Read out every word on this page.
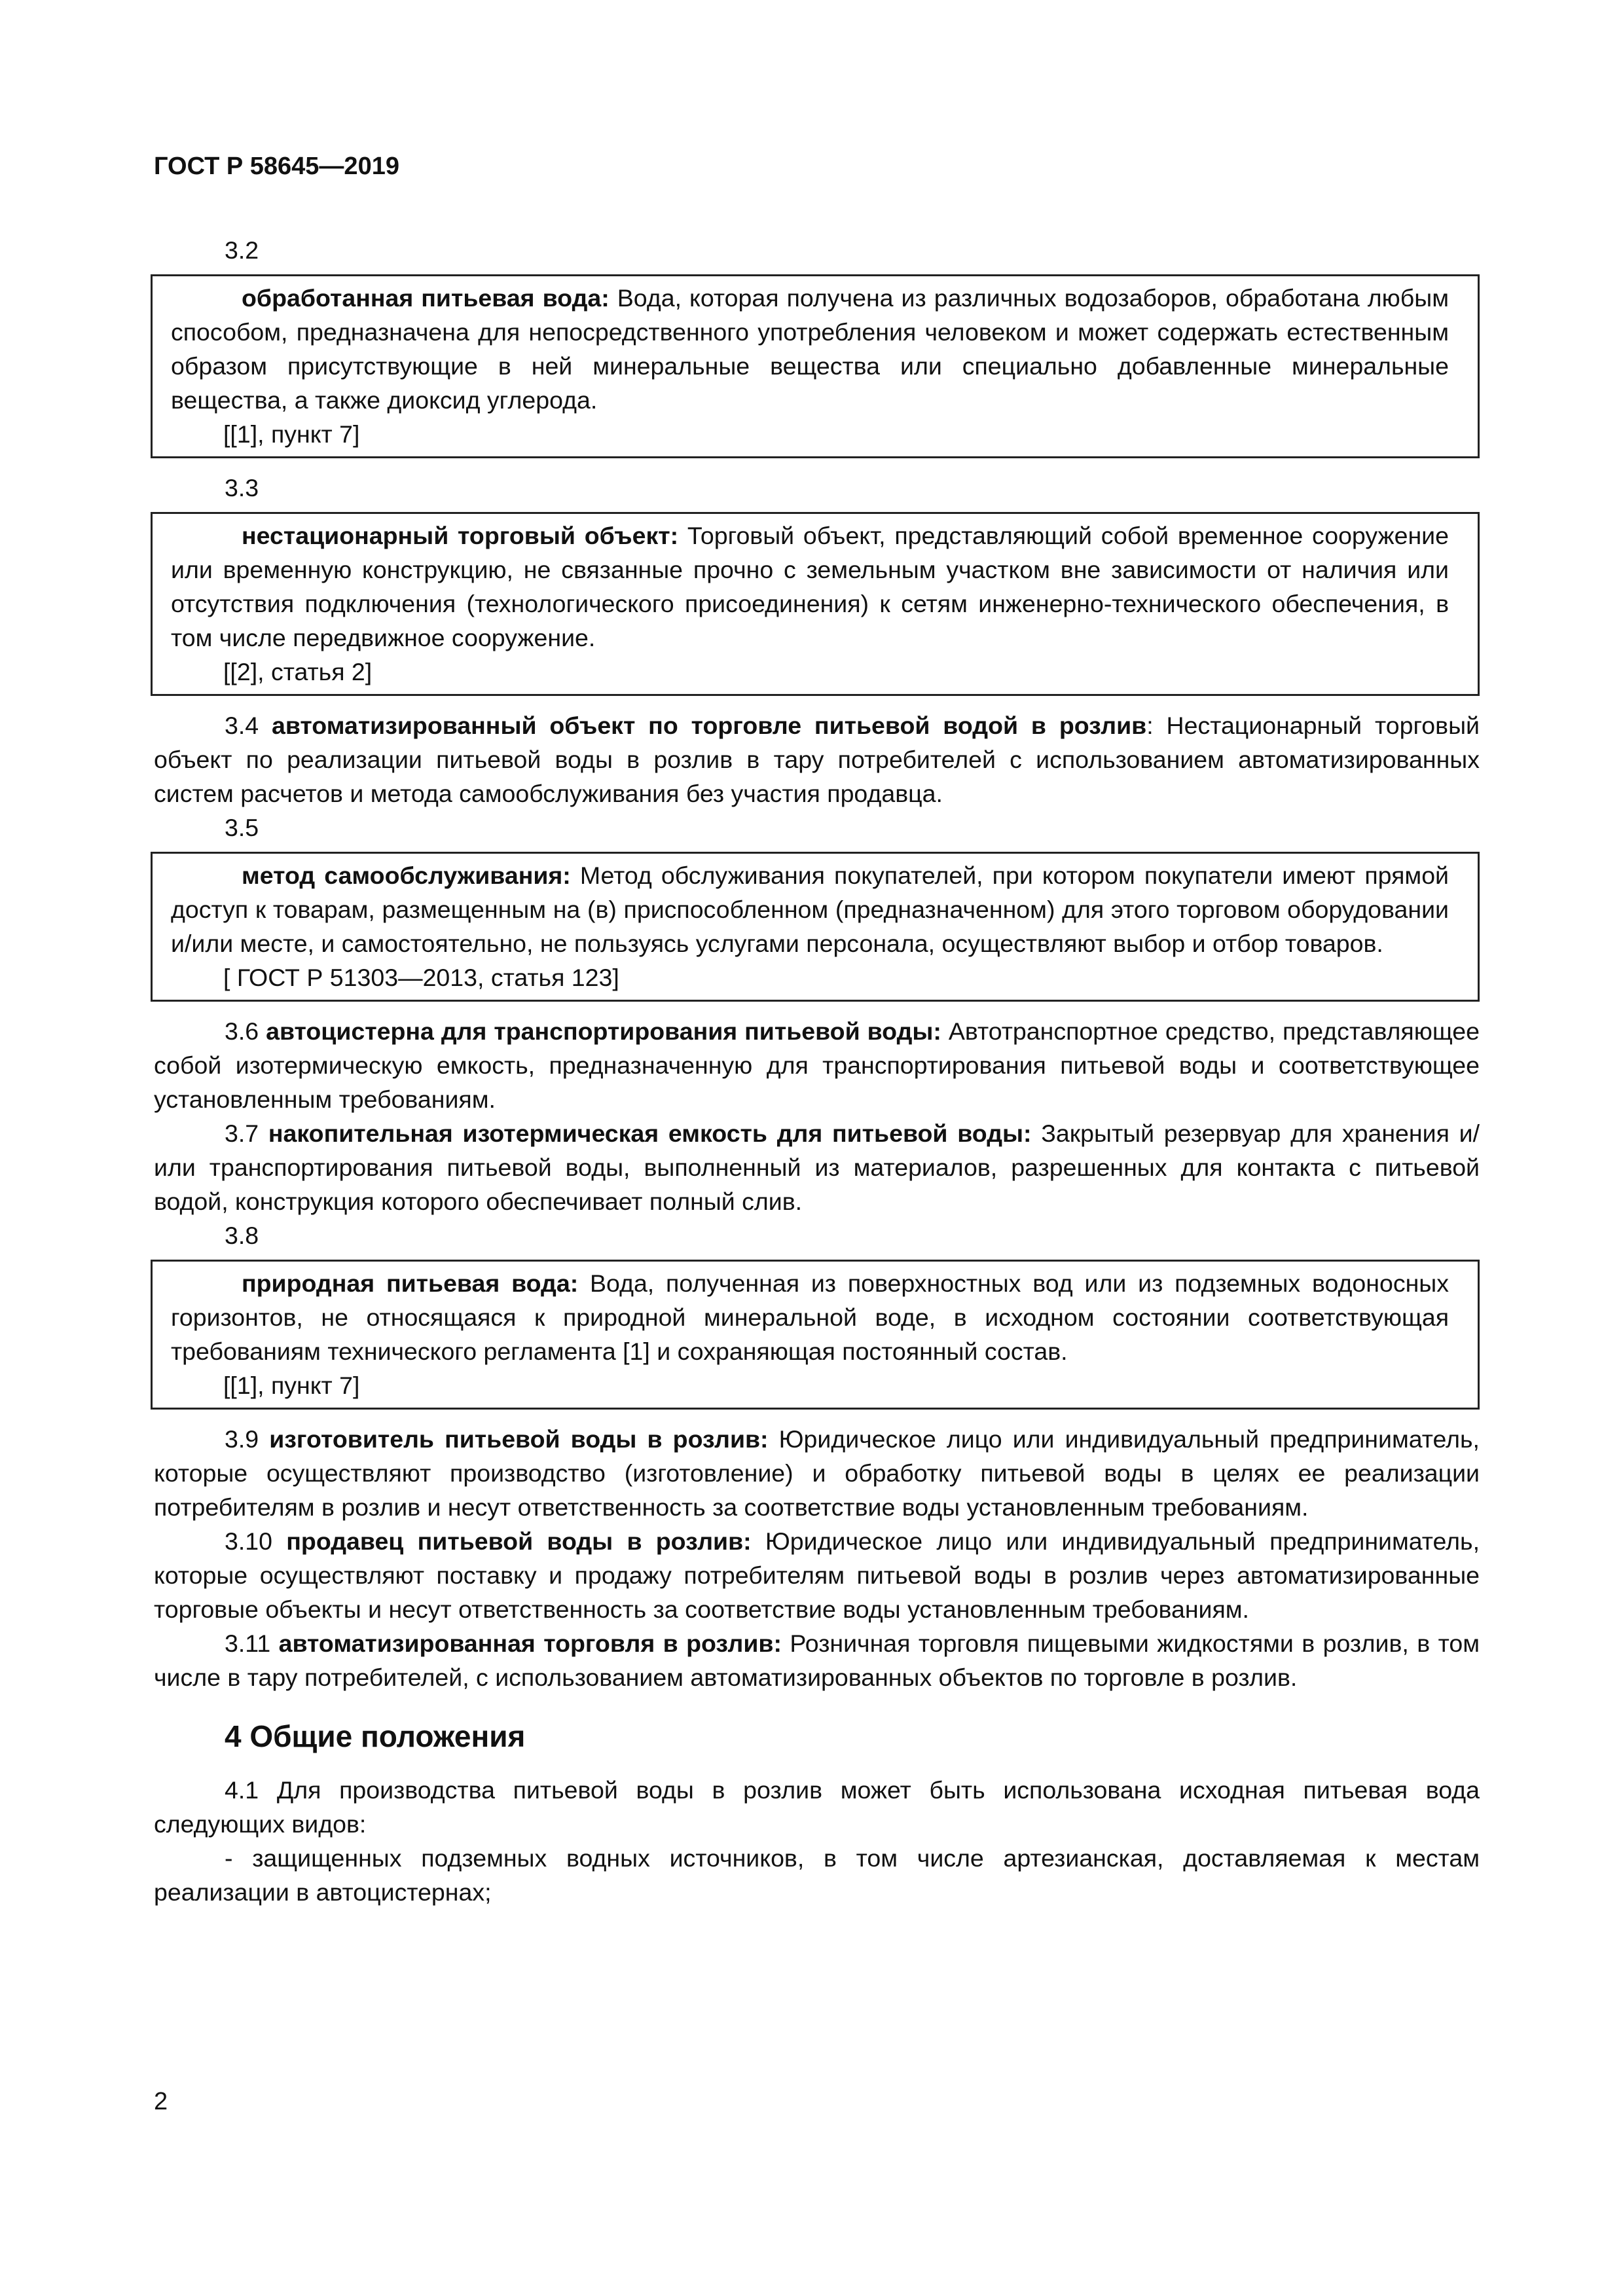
ГОСТ Р 58645—2019
3.2

обработанная питьевая вода: Вода, которая получена из различных водозаборов, обработана любым способом, предназначена для непосредственного употребления человеком и может содержать естественным образом присутствующие в ней минеральные вещества или специально добавленные минеральные вещества, а также диоксид углерода.

[[1], пункт 7]
3.3

нестационарный торговый объект: Торговый объект, представляющий собой временное сооружение или временную конструкцию, не связанные прочно с земельным участком вне зависимости от наличия или отсутствия подключения (технологического присоединения) к сетям инженерно-технического обеспечения, в том числе передвижное сооружение.

[[2], статья 2]

3.4 автоматизированный объект по торговле питьевой водой в розлив: Нестационарный торговый объект по реализации питьевой воды в розлив в тару потребителей с использованием автоматизированных систем расчетов и метода самообслуживания без участия продавца.

3.5

метод самообслуживания: Метод обслуживания покупателей, при котором покупатели имеют прямой доступ к товарам, размещенным на (в) приспособленном (предназначенном) для этого торговом оборудовании и/или месте, и самостоятельно, не пользуясь услугами персонала, осуществляют выбор и отбор товаров.

[ ГОСТ Р 51303—2013, статья 123]

3.6 автоцистерна для транспортирования питьевой воды: Автотранспортное средство, представляющее собой изотермическую емкость, предназначенную для транспортирования питьевой воды и соответствующее установленным требованиям.

3.7 накопительная изотермическая емкость для питьевой воды: Закрытый резервуар для хранения и/или транспортирования питьевой воды, выполненный из материалов, разрешенных для контакта с питьевой водой, конструкция которого обеспечивает полный слив.

3.8

природная питьевая вода: Вода, полученная из поверхностных вод или из подземных водоносных горизонтов, не относящаяся к природной минеральной воде, в исходном состоянии соответствующая требованиям технического регламента [1] и сохраняющая постоянный состав.

[[1], пункт 7]

3.9 изготовитель питьевой воды в розлив: Юридическое лицо или индивидуальный предприниматель, которые осуществляют производство (изготовление) и обработку питьевой воды в целях ее реализации потребителям в розлив и несут ответственность за соответствие воды установленным требованиям.

3.10 продавец питьевой воды в розлив: Юридическое лицо или индивидуальный предприниматель, которые осуществляют поставку и продажу потребителям питьевой воды в розлив через автоматизированные торговые объекты и несут ответственность за соответствие воды установленным требованиям.

3.11 автоматизированная торговля в розлив: Розничная торговля пищевыми жидкостями в розлив, в том числе в тару потребителей, с использованием автоматизированных объектов по торговле в розлив.

4 Общие положения

4.1 Для производства питьевой воды в розлив может быть использована исходная питьевая вода следующих видов:

- защищенных подземных водных источников, в том числе артезианская, доставляемая к местам реализации в автоцистернах;

2
